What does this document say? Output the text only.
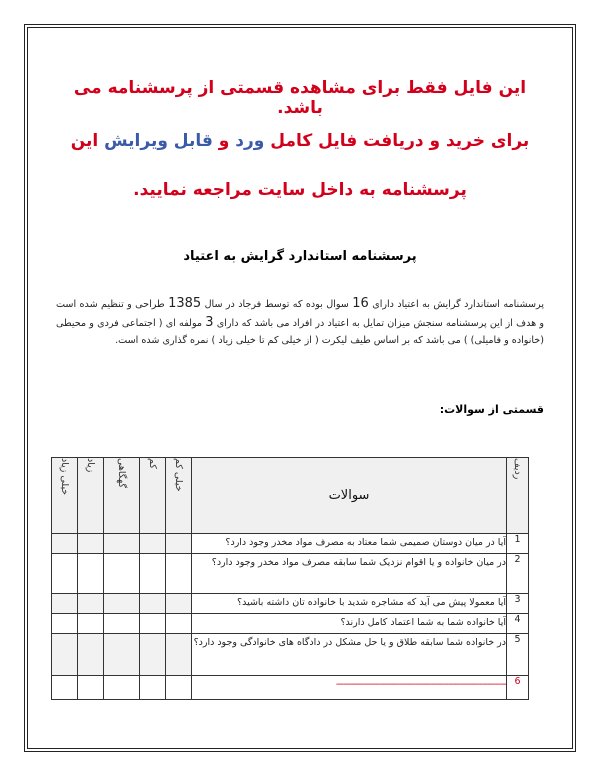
این فایل فقط برای مشاهده قسمتی از پرسشنامه می باشد.
برای خرید و دریافت فایل کامل ورد و قابل ویرایش این
پرسشنامه به داخل سایت مراجعه نمایید.
پرسشنامه استاندارد گرایش به اعتیاد
پرسشنامه استاندارد گرایش به اعتیاد دارای 16 سوال بوده که توسط فرجاد در سال 1385 طراحی و تنظیم شده است و هدف از این پرسشنامه سنجش میزان تمایل به اعتیاد در افراد می باشد که دارای 3 مولفه ای ( اجتماعی فردی و محیطی (خانواده و فامیلی) ) می باشد که بر اساس طیف لیکرت ( از خیلی کم تا خیلی زیاد ) نمره گذاری شده است.
قسمتی از سوالات:
ردیف	سوالات	خیلی کم	کم	گهگاهی	زیاد	خیلی زیاد
1	آیا در میان دوستان صمیمی شما معتاد به مصرف مواد مخدر وجود دارد؟					
2	در میان خانواده و یا اقوام نزدیک شما سابقه مصرف مواد مخدر وجود دارد؟					
3	آیا معمولا پیش می آید که مشاجره شدید با خانواده تان داشته باشید؟					
4	آیا خانواده شما به شما اعتماد کامل دارند؟					
5	در خانواده شما سابقه طلاق و یا حل مشکل در دادگاه های خانوادگی وجود دارد؟					
6	----------------------------------------------------------------------					
